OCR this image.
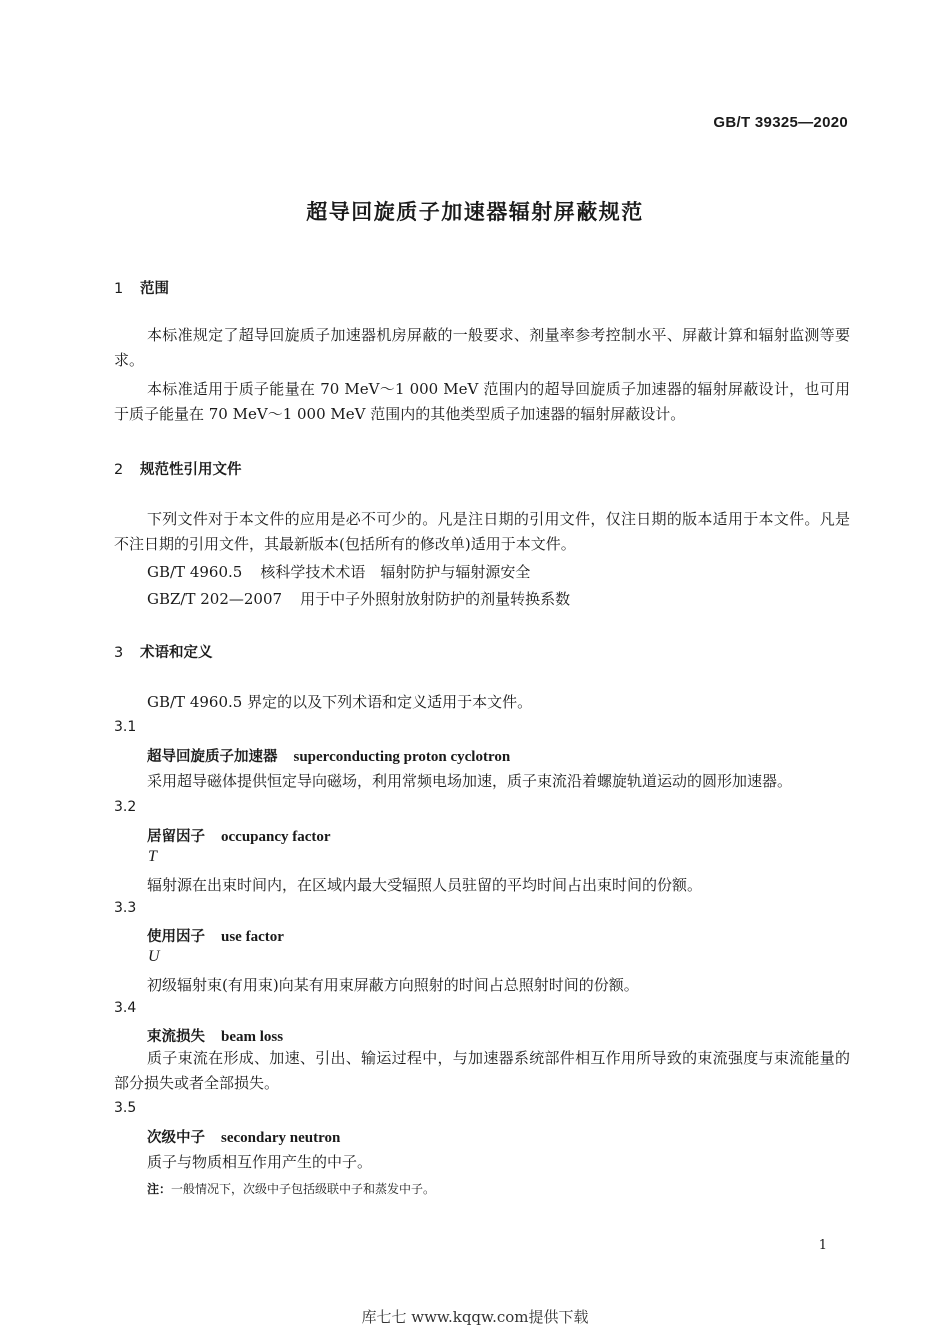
GB/T 39325—2020
超导回旋质子加速器辐射屏蔽规范
1 范围
本标准规定了超导回旋质子加速器机房屏蔽的一般要求、剂量率参考控制水平、屏蔽计算和辐射监测等要求。
本标准适用于质子能量在 70 MeV～1 000 MeV 范围内的超导回旋质子加速器的辐射屏蔽设计，也可用于质子能量在 70 MeV～1 000 MeV 范围内的其他类型质子加速器的辐射屏蔽设计。
2 规范性引用文件
下列文件对于本文件的应用是必不可少的。凡是注日期的引用文件，仅注日期的版本适用于本文件。凡是不注日期的引用文件，其最新版本(包括所有的修改单)适用于本文件。
GB/T 4960.5 核科学技术术语　辐射防护与辐射源安全
GBZ/T 202—2007 用于中子外照射放射防护的剂量转换系数
3 术语和定义
GB/T 4960.5 界定的以及下列术语和定义适用于本文件。
3.1
超导回旋质子加速器 superconducting proton cyclotron
采用超导磁体提供恒定导向磁场，利用常频电场加速，质子束流沿着螺旋轨道运动的圆形加速器。
3.2
居留因子 occupancy factor
T
辐射源在出束时间内，在区域内最大受辐照人员驻留的平均时间占出束时间的份额。
3.3
使用因子 use factor
U
初级辐射束(有用束)向某有用束屏蔽方向照射的时间占总照射时间的份额。
3.4
束流损失 beam loss
质子束流在形成、加速、引出、输运过程中，与加速器系统部件相互作用所导致的束流强度与束流能量的部分损失或者全部损失。
3.5
次级中子 secondary neutron
质子与物质相互作用产生的中子。
注：一般情况下，次级中子包括级联中子和蒸发中子。
1
库七七 www.kqqw.com提供下载
